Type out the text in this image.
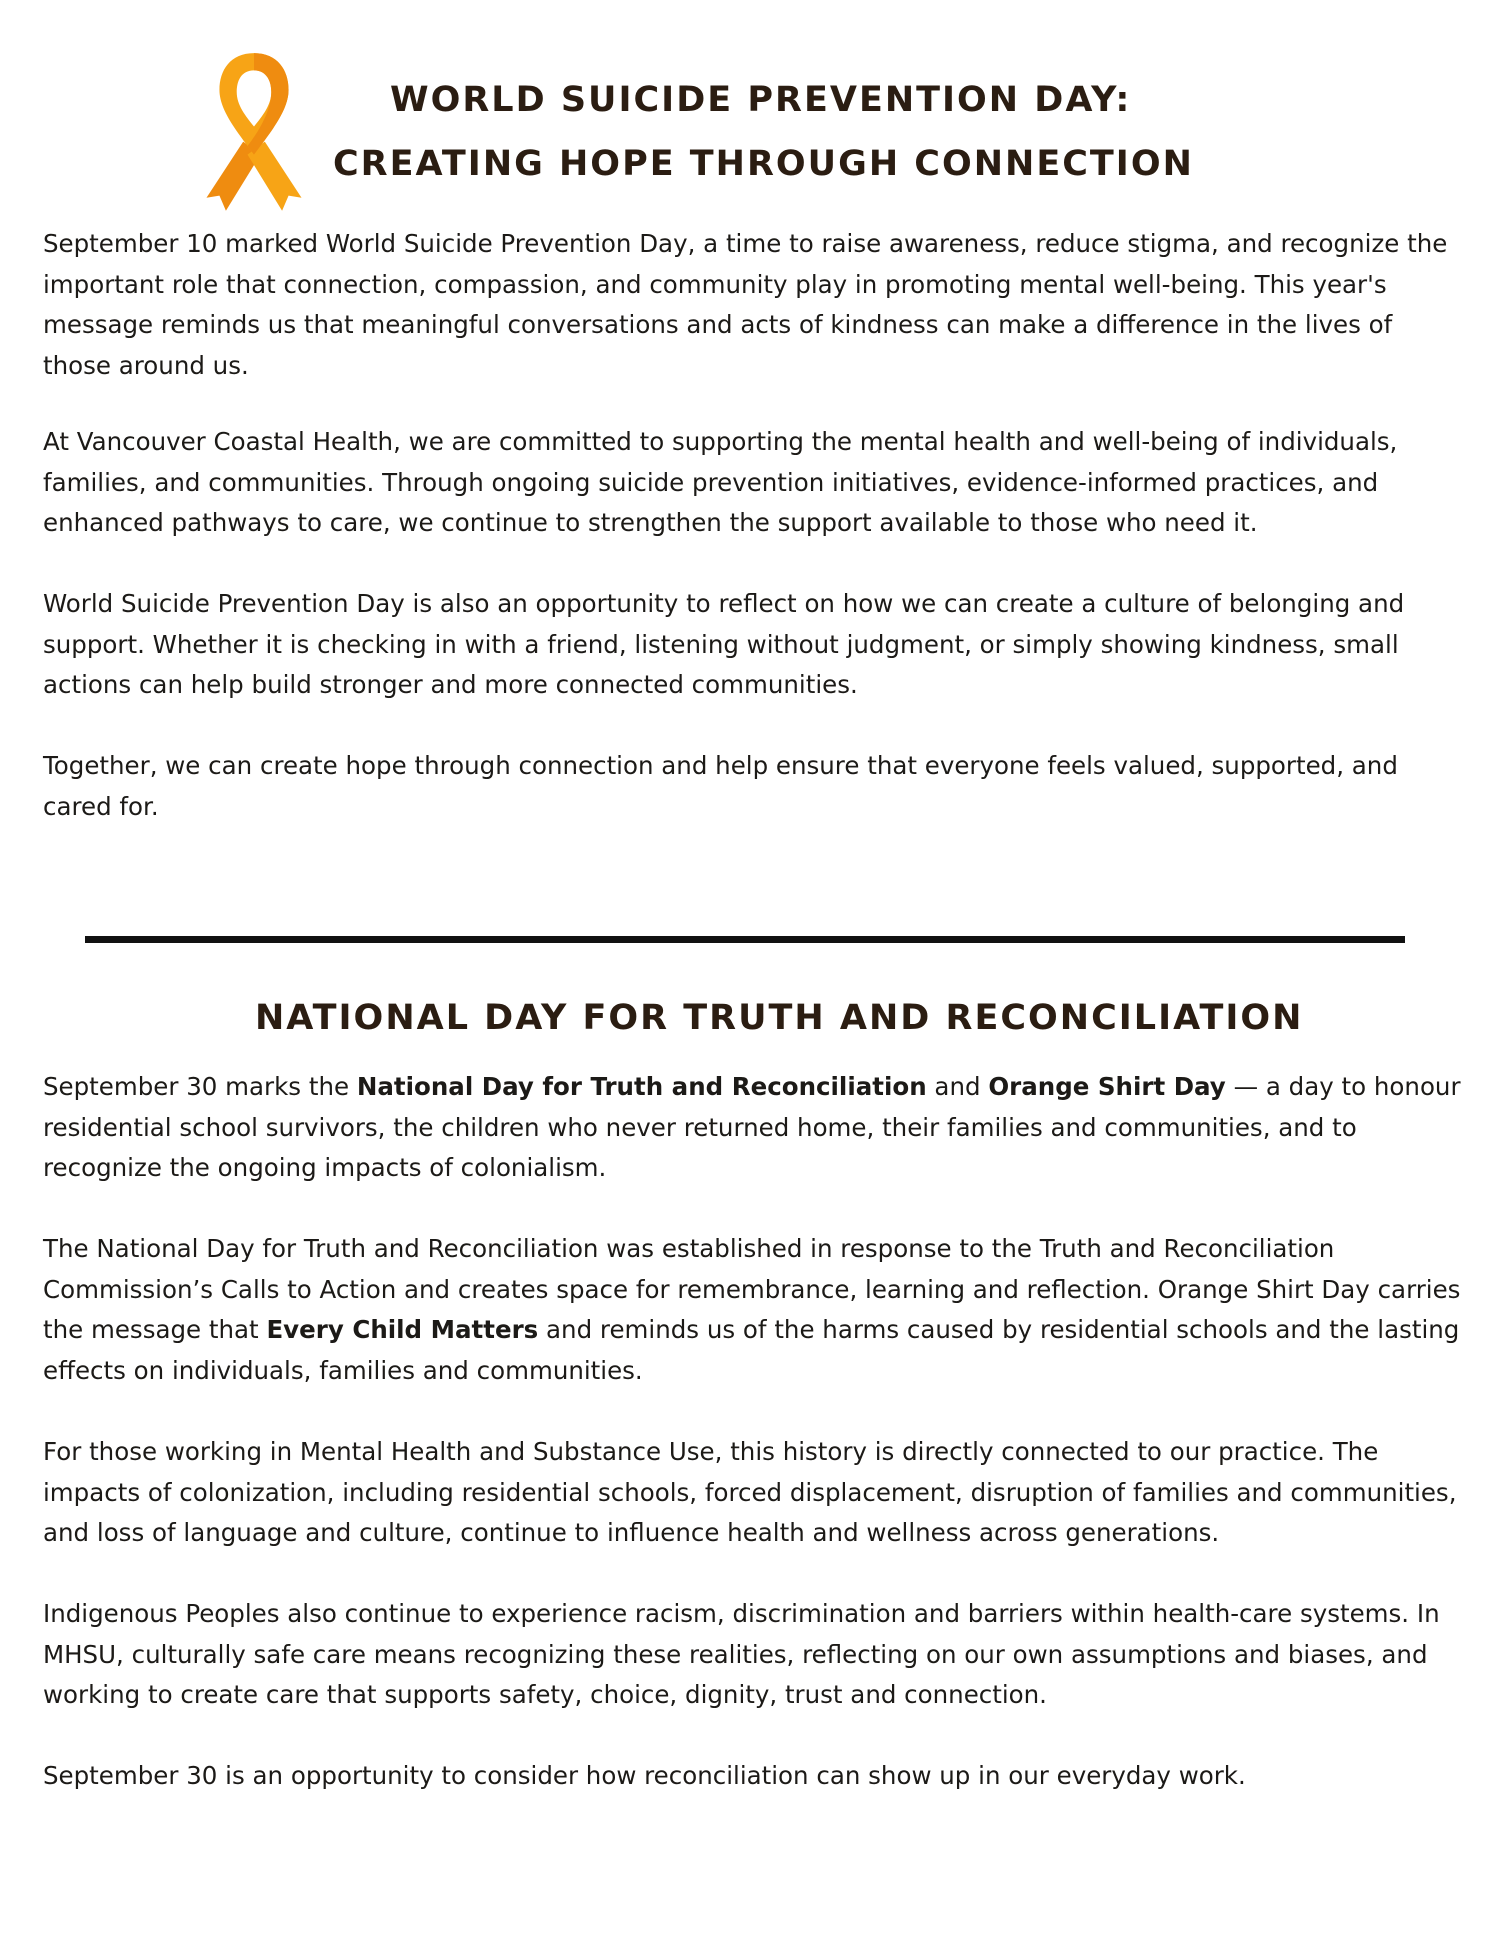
WORLD SUICIDE PREVENTION DAY:
CREATING HOPE THROUGH CONNECTION

September 10 marked World Suicide Prevention Day, a time to raise awareness, reduce stigma, and recognize the important role that connection, compassion, and community play in promoting mental well-being. This year's message reminds us that meaningful conversations and acts of kindness can make a difference in the lives of those around us.

At Vancouver Coastal Health, we are committed to supporting the mental health and well-being of individuals, families, and communities. Through ongoing suicide prevention initiatives, evidence-informed practices, and enhanced pathways to care, we continue to strengthen the support available to those who need it.

World Suicide Prevention Day is also an opportunity to reflect on how we can create a culture of belonging and support. Whether it is checking in with a friend, listening without judgment, or simply showing kindness, small actions can help build stronger and more connected communities.

Together, we can create hope through connection and help ensure that everyone feels valued, supported, and cared for.

NATIONAL DAY FOR TRUTH AND RECONCILIATION

September 30 marks the National Day for Truth and Reconciliation and Orange Shirt Day — a day to honour residential school survivors, the children who never returned home, their families and communities, and to recognize the ongoing impacts of colonialism.

The National Day for Truth and Reconciliation was established in response to the Truth and Reconciliation Commission’s Calls to Action and creates space for remembrance, learning and reflection. Orange Shirt Day carries the message that Every Child Matters and reminds us of the harms caused by residential schools and the lasting effects on individuals, families and communities.

For those working in Mental Health and Substance Use, this history is directly connected to our practice. The impacts of colonization, including residential schools, forced displacement, disruption of families and communities, and loss of language and culture, continue to influence health and wellness across generations.

Indigenous Peoples also continue to experience racism, discrimination and barriers within health-care systems. In MHSU, culturally safe care means recognizing these realities, reflecting on our own assumptions and biases, and working to create care that supports safety, choice, dignity, trust and connection.

September 30 is an opportunity to consider how reconciliation can show up in our everyday work.
